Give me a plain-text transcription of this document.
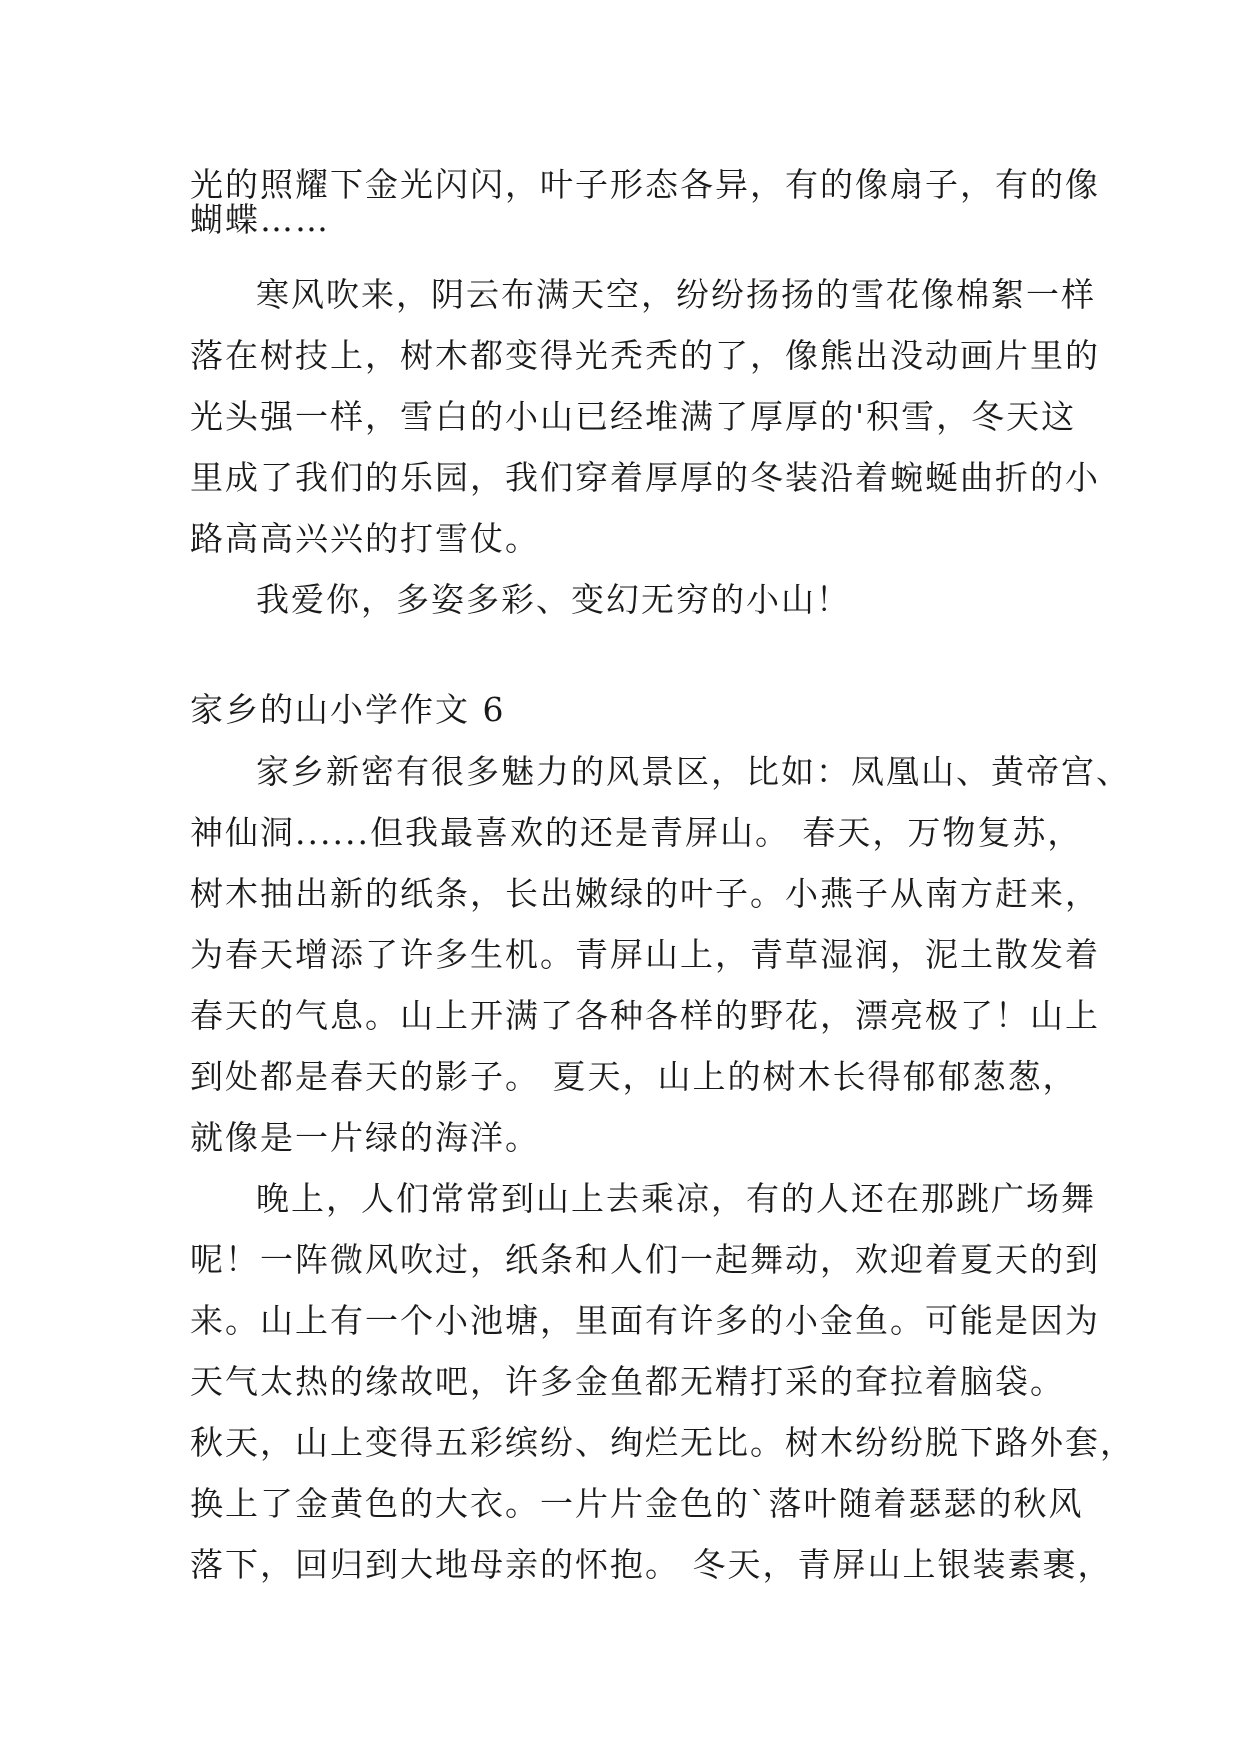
光的照耀下金光闪闪，叶子形态各异，有的像扇子，有的像
蝴蝶……
寒风吹来，阴云布满天空，纷纷扬扬的雪花像棉絮一样
落在树技上，树木都变得光秃秃的了，像熊出没动画片里的
光头强一样，雪白的小山已经堆满了厚厚的'积雪，冬天这
里成了我们的乐园，我们穿着厚厚的冬装沿着蜿蜒曲折的小
路高高兴兴的打雪仗。
我爱你，多姿多彩、变幻无穷的小山！
家乡的山小学作文 6
家乡新密有很多魅力的风景区，比如：凤凰山、黄帝宫、
神仙洞......但我最喜欢的还是青屏山。 春天，万物复苏，
树木抽出新的纸条，长出嫩绿的叶子。小燕子从南方赶来，
为春天增添了许多生机。青屏山上，青草湿润，泥土散发着
春天的气息。山上开满了各种各样的野花，漂亮极了！山上
到处都是春天的影子。 夏天，山上的树木长得郁郁葱葱，
就像是一片绿的海洋。
晚上，人们常常到山上去乘凉，有的人还在那跳广场舞
呢！一阵微风吹过，纸条和人们一起舞动，欢迎着夏天的到
来。山上有一个小池塘，里面有许多的小金鱼。可能是因为
天气太热的缘故吧，许多金鱼都无精打采的耷拉着脑袋。
秋天，山上变得五彩缤纷、绚烂无比。树木纷纷脱下路外套，
换上了金黄色的大衣。一片片金色的`落叶随着瑟瑟的秋风
落下，回归到大地母亲的怀抱。 冬天，青屏山上银装素裹，
